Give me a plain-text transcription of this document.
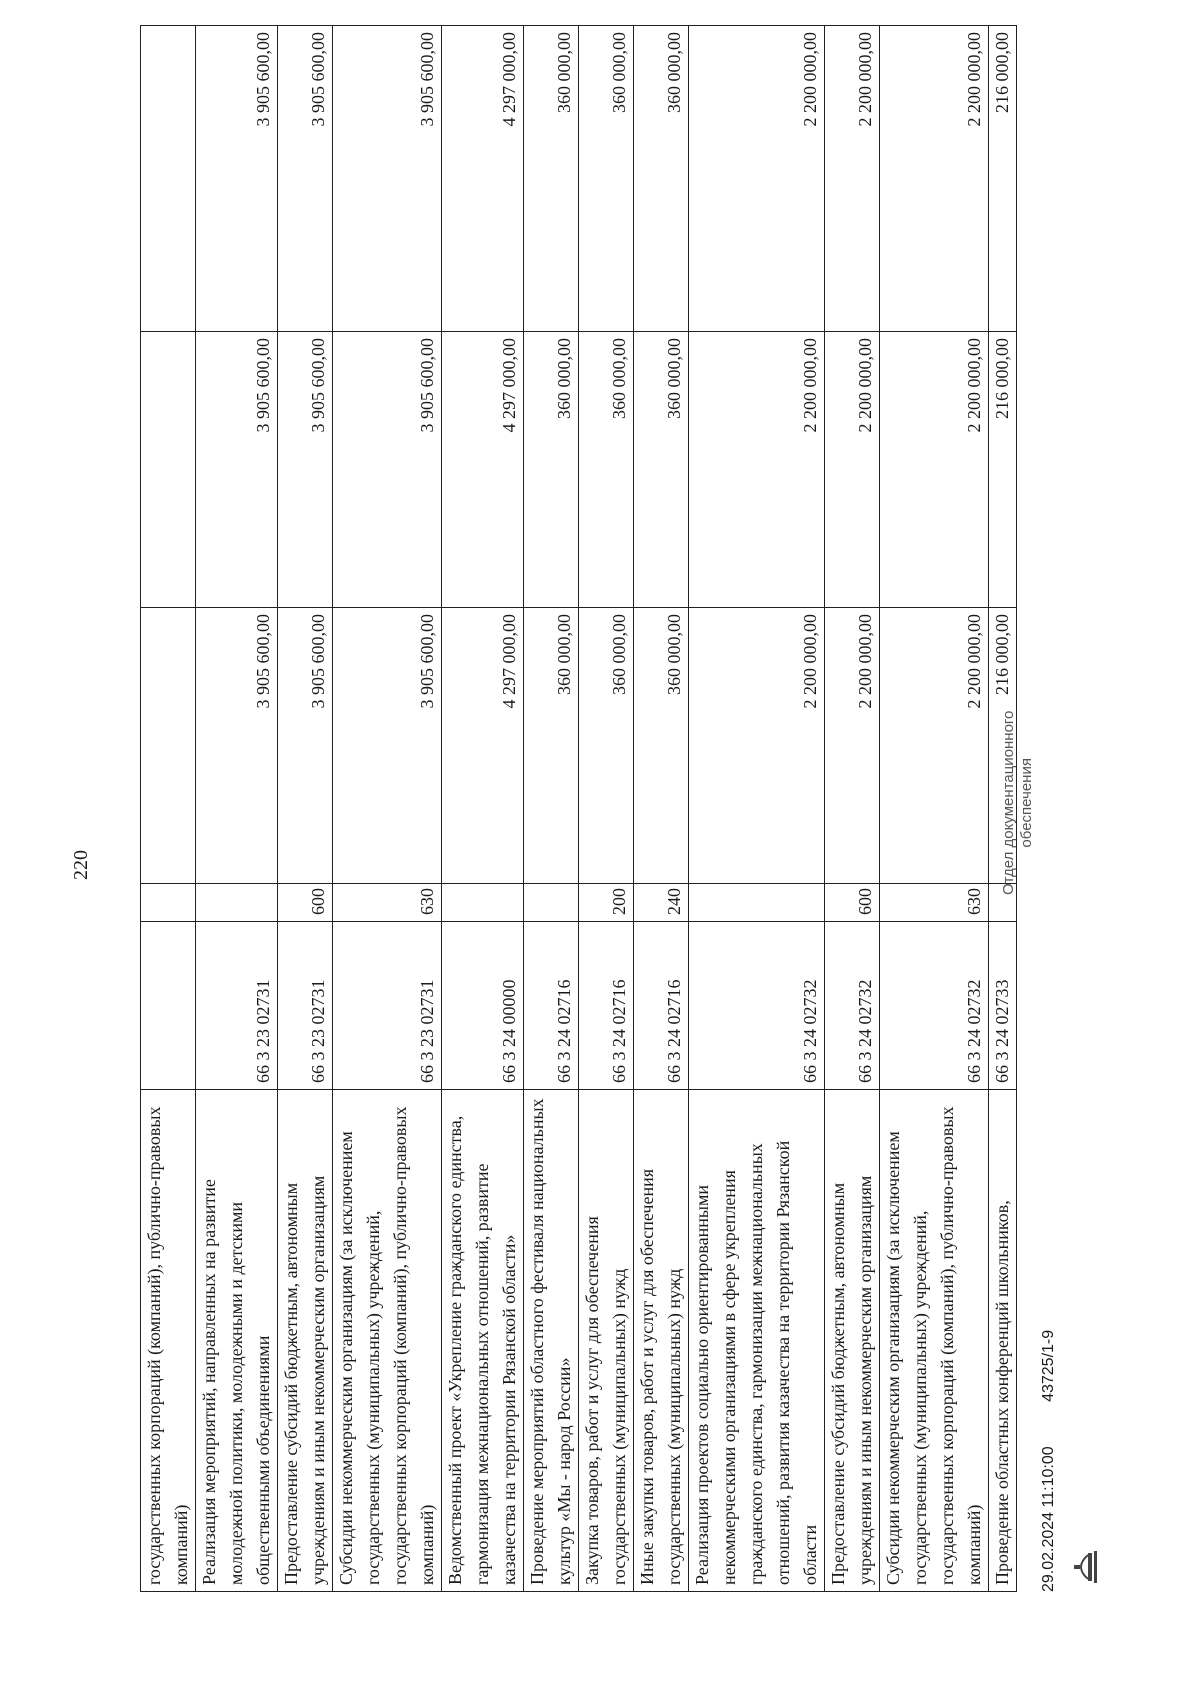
220
государственных корпораций (компаний), публично-правовых компаний)					
Реализация мероприятий, направленных на развитие молодежной политики, молодежными и детскими общественными объединениями	66 3 23 02731		3 905 600,00	3 905 600,00	3 905 600,00
Предоставление субсидий бюджетным, автономным учреждениям и иным некоммерческим организациям	66 3 23 02731	600	3 905 600,00	3 905 600,00	3 905 600,00
Субсидии некоммерческим организациям (за исключением государственных (муниципальных) учреждений, государственных корпораций (компаний), публично-правовых компаний)	66 3 23 02731	630	3 905 600,00	3 905 600,00	3 905 600,00
Ведомственный проект «Укрепление гражданского единства, гармонизация межнациональных отношений, развитие казачества на территории Рязанской области»	66 3 24 00000		4 297 000,00	4 297 000,00	4 297 000,00
Проведение мероприятий областного фестиваля национальных культур «Мы - народ России»	66 3 24 02716		360 000,00	360 000,00	360 000,00
Закупка товаров, работ и услуг для обеспечения государственных (муниципальных) нужд	66 3 24 02716	200	360 000,00	360 000,00	360 000,00
Иные закупки товаров, работ и услуг для обеспечения государственных (муниципальных) нужд	66 3 24 02716	240	360 000,00	360 000,00	360 000,00
Реализация проектов социально ориентированными некоммерческими организациями в сфере укрепления гражданского единства, гармонизации межнациональных отношений, развития казачества на территории Рязанской области	66 3 24 02732		2 200 000,00	2 200 000,00	2 200 000,00
Предоставление субсидий бюджетным, автономным учреждениям и иным некоммерческим организациям	66 3 24 02732	600	2 200 000,00	2 200 000,00	2 200 000,00
Субсидии некоммерческим организациям (за исключением государственных (муниципальных) учреждений, государственных корпораций (компаний), публично-правовых компаний)	66 3 24 02732	630	2 200 000,00	2 200 000,00	2 200 000,00
Проведение областных конференций школьников,	66 3 24 02733		216 000,00	216 000,00	216 000,00
Отдел документационного обеспечения
29.02.2024 11:10:00 43725/1-9
